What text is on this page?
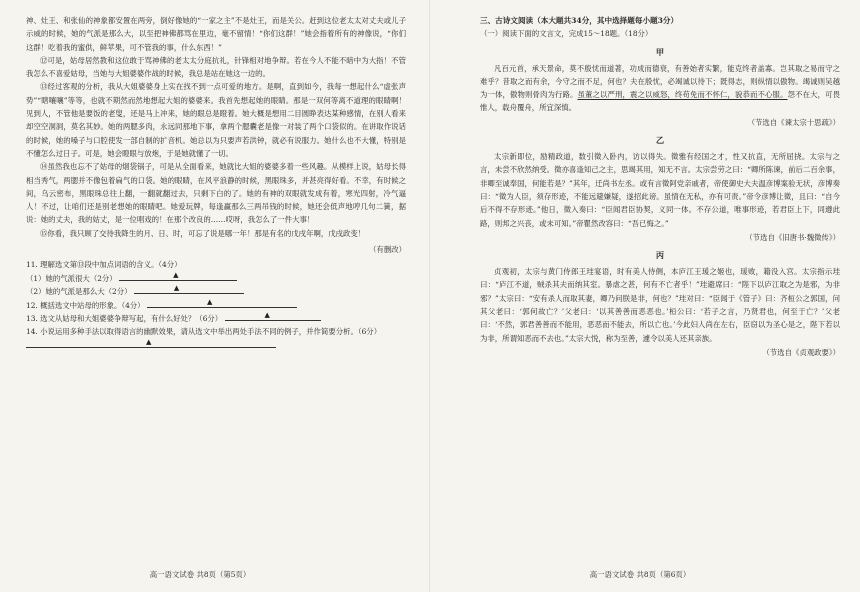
神、灶王、和张仙的神象都安置在两旁，倒好像她的“一家之主”不是灶王，而是关公。赶到这位老太太对丈夫或儿子示威的时候，她的气派是那么大，以至把神佛都骂在里边，毫不留情！“你们这群！”她会指着所有的神像说，“你们这群！吃着我的蜜供，鲜苹果，可不管我的事，什么东西！”

⑫可是，姑母居然教和这位敢于骂神佛的老太太分庭抗礼，针锋相对地争辩。若在今人不能不暗中为大指！不管我怎么不喜爱姑母，当她与大姐婆婆作战的时候，我总是站在她这一边的。

⑬经过客观的分析，我从大姐婆婆身上实在找不到一点可爱的地方。是啊，直到如今，我每一想起什么“虚张声势”“瞎嚷嚷”等等，也就不期然而然地想起大姐的婆婆来。我首先想起她的眼睛。那是一双何等离不道理的眼睛啊！见到人，不管他是要饭的老叟，还是马上冲来，她的眼总是瞪着。她大概是想用二目圆睁表达某种感情，在别人看来却空空洞洞，莫名其妙。她的两腮多肉，永远同那地下事，拿两个腮囊老是像一对装了两个口袋似的。在讲取作说话的时候，她的嗓子与口腔使发一部自制的扩音机。她总以为只要声若洪钟，就必有说服力。她什么也不大懂，特别是不懂怎么过日子。可是，她会瞪眼与放炮，于是她就懂了一切。

⑭虽然我也忘不了姑母的烟袋锅子，可是从全面看来，她就比大姐的婆婆多着一些风趣。从模样上说，姑母长得相当秀气，两腮并不像包着扁气的口袋。她的眼睛，在风平浪静的时候，黑眼珠多，并甚亮得好看。不幸，有时候之间，乌云密布，黑眼珠总往上翻，一翻就翻过去，只剩下白的了。她的有神的双眼就发成有着，寒光四射，冷气逼人！不过，让咱们还是别老想她的眼睛吧。她爱玩牌，每逢赢那么三两吊钱的时候，她还会低声地哼几句二簧，据说：她的丈夫，我的姑丈，是一位唱戏的！在那个改良的……哎呀，我怎么了一件大事！

⑮你看，我只顾了交待我降生的月、日、时，可忘了说是哪一年！那是有名的戊戌年啊，戊戌政变！

（有删改）
11. 理解选文第⑬段中加点词语的含义。（4分）
（1）她的气派很大（2分）	▲
（2）她的气派是那么大（2分）	▲
12. 概括选文中站母的形象。（4分）	▲
13. 选文从姑母和大姐婆婆争辩写起，有什么好处？（6分）	▲
14. 小说运用多种手法以取得语言的幽默效果，请从选文中举出两处手法不同的例子，并作简要分析。（6分）
▲
高一语文试卷 共8页（第5页）
三、古诗文阅读（本大题共34分，其中选择题每小题3分）
（一）阅读下面的文言文，完成15～18题。（18分）
甲

凡百元首，承天景命，莫不殷忧而道著，功成而德衰，有善始者实繁，能克终者盖寡。岂其取之易而守之难乎？昔取之而有余，今守之而不足，何也？夫在殷忧，必竭诚以待下；既得志，则纵情以傲物。竭诚则吴越为一体，傲物则骨肉为行路。虽董之以严刑，震之以威怒，终苟免而不怀仁，貌恭而不心服。怨不在大，可畏惟人，载舟覆舟，所宜深慎。

（节选自《谏太宗十思疏》）
乙

太宗新即位，励精政道，数引徵入卧内，访以得失。徵雅有经国之才，性又抗直，无所屈挠。太宗与之言，未尝不欣然纳受。徵亦喜逢知己之主，思竭其用，知无不言。太宗尝劳之曰：“卿所陈谏，前后二百余事，非卿至诚奉国，何能若是？”其年，迁尚书左丞。或有言徵阿党亲戚者，帝使御史大夫温彦博案验无状，彦博奏曰：“徵为人臣，须存形迹，不能远避嫌疑，遂招此谤。虽情在无私，亦有可责。”帝令彦博让徵，且曰：“自今后不得不存形迹。”他日，徵入奏曰：“臣闻君臣协契，义同一体。不存公道，唯事形迹，若君臣上下，同遵此路，则邦之兴丧，或未可知。”帝瞿然改容曰：“吾已悔之。”

（节选自《旧唐书·魏徵传》）
丙

贞观初，太宗与黄门侍郎王珪宴语，时有美人侍侧，本庐江王瑗之姬也，瑗败，籍没入宫。太宗指示珪曰：“庐江不道，贼杀其夫而纳其室。暴虐之甚，何有不亡者乎！”珪避席曰：“陛下以庐江取之为是邪，为非邪？”太宗曰：“安有杀人而取其妻，卿乃问朕是非，何也？”珪对曰：“臣闻于《管子》曰：齐桓公之郭国，问其父老曰：‘郭何故亡？’父老曰：‘以其善善而恶恶也。’桓公曰：‘若子之言，乃贤君也，何至于亡？’父老曰：‘不然，郭君善善而不能用，恶恶而不能去，所以亡也。’今此妇人尚在左右，臣窃以为圣心是之，陛下若以为非，所谓知恶而不去也。”太宗大悦，称为至善，遽令以美人还其亲族。

（节选自《贞观政要》）
高一语文试卷 共8页（第6页）
